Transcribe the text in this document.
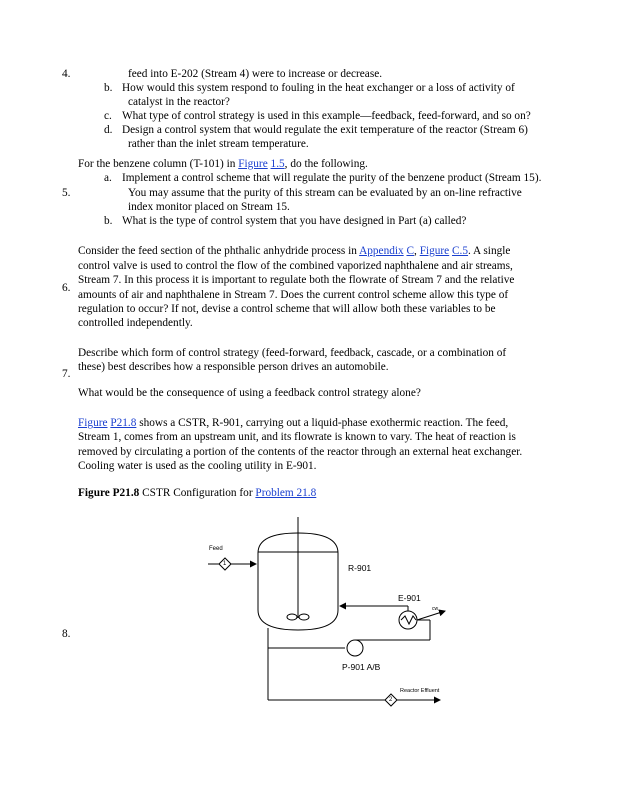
4.	feed into E-202 (Stream 4) were to increase or decrease.
b. How would this system respond to fouling in the heat exchanger or a loss of activity of
catalyst in the reactor?
c. What type of control strategy is used in this example—feedback, feed-forward, and so on?
d. Design a control system that would regulate the exit temperature of the reactor (Stream 6)
rather than the inlet stream temperature.
For the benzene column (T-101) in Figure 1.5, do the following.
a. Implement a control scheme that will regulate the purity of the benzene product (Stream 15).
5.	You may assume that the purity of this stream can be evaluated by an on-line refractive
index monitor placed on Stream 15.
b. What is the type of control system that you have designed in Part (a) called?
Consider the feed section of the phthalic anhydride process in Appendix C, Figure C.5. A single
control valve is used to control the flow of the combined vaporized naphthalene and air streams,
Stream 7. In this process it is important to regulate both the flowrate of Stream 7 and the relative
6.
amounts of air and naphthalene in Stream 7. Does the current control scheme allow this type of
regulation to occur? If not, devise a control scheme that will allow both these variables to be
controlled independently.
Describe which form of control strategy (feed-forward, feedback, cascade, or a combination of
these) best describes how a responsible person drives an automobile.
7.
What would be the consequence of using a feedback control strategy alone?
Figure P21.8 shows a CSTR, R-901, carrying out a liquid-phase exothermic reaction. The feed,
Stream 1, comes from an upstream unit, and its flowrate is known to vary. The heat of reaction is
removed by circulating a portion of the contents of the reactor through an external heat exchanger.
Cooling water is used as the cooling utility in E-901.
Figure P21.8 CSTR Configuration for Problem 21.8
8.
Feed
1	R-901
E-901
cw
P-901 A/B
Reactor Effluent
2
